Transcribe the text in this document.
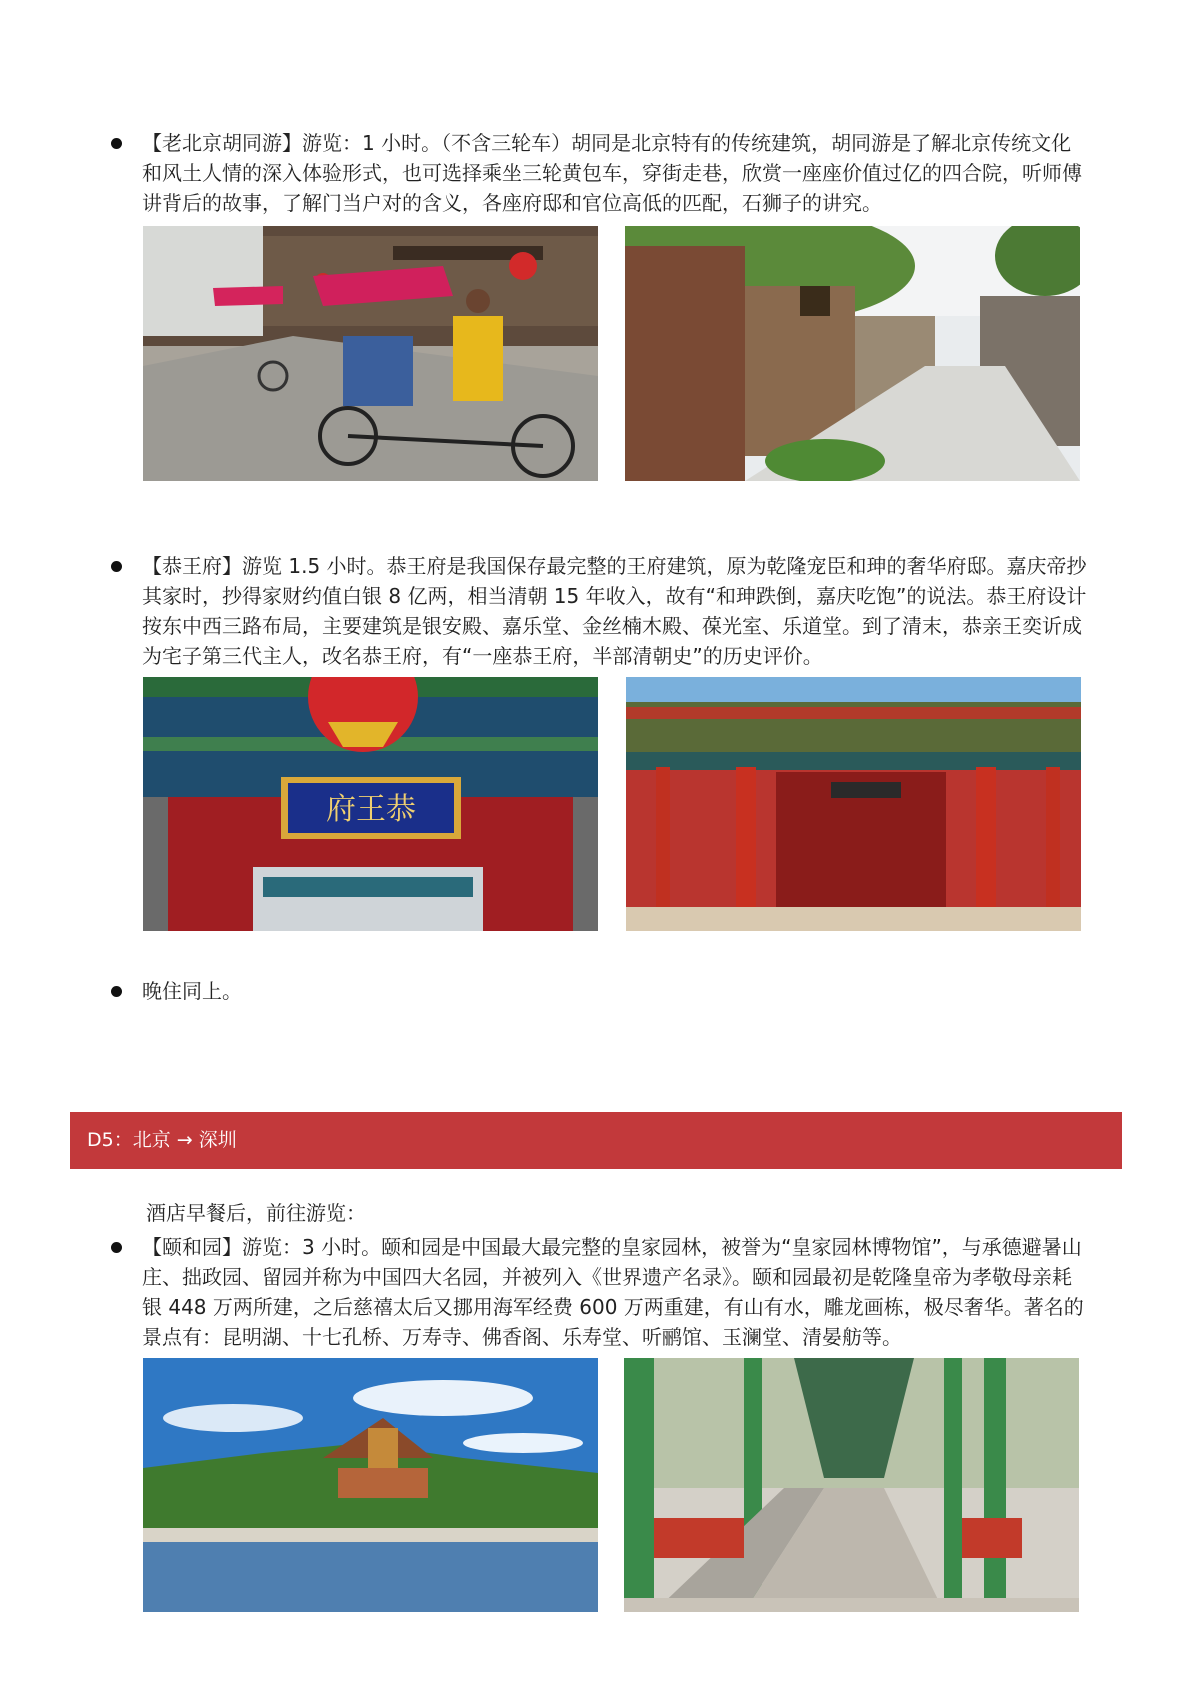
【老北京胡同游】游览：1 小时。（不含三轮车）胡同是北京特有的传统建筑，胡同游是了解北京传统文化和风土人情的深入体验形式，也可选择乘坐三轮黄包车，穿街走巷，欣赏一座座价值过亿的四合院，听师傅讲背后的故事，了解门当户对的含义，各座府邸和官位高低的匹配，石狮子的讲究。
【恭王府】游览 1.5 小时。恭王府是我国保存最完整的王府建筑，原为乾隆宠臣和珅的奢华府邸。嘉庆帝抄其家时，抄得家财约值白银 8 亿两，相当清朝 15 年收入，故有“和珅跌倒，嘉庆吃饱”的说法。恭王府设计按东中西三路布局，主要建筑是银安殿、嘉乐堂、金丝楠木殿、葆光室、乐道堂。到了清末，恭亲王奕䜣成为宅子第三代主人，改名恭王府，有“一座恭王府，半部清朝史”的历史评价。
府王恭
晚住同上。
D5：北京 → 深圳
酒店早餐后，前往游览：
【颐和园】游览：3 小时。颐和园是中国最大最完整的皇家园林，被誉为“皇家园林博物馆”，与承德避暑山庄、拙政园、留园并称为中国四大名园，并被列入《世界遗产名录》。颐和园最初是乾隆皇帝为孝敬母亲耗银 448 万两所建，之后慈禧太后又挪用海军经费 600 万两重建，有山有水，雕龙画栋，极尽奢华。著名的景点有：昆明湖、十七孔桥、万寿寺、佛香阁、乐寿堂、听鹂馆、玉澜堂、清晏舫等。
